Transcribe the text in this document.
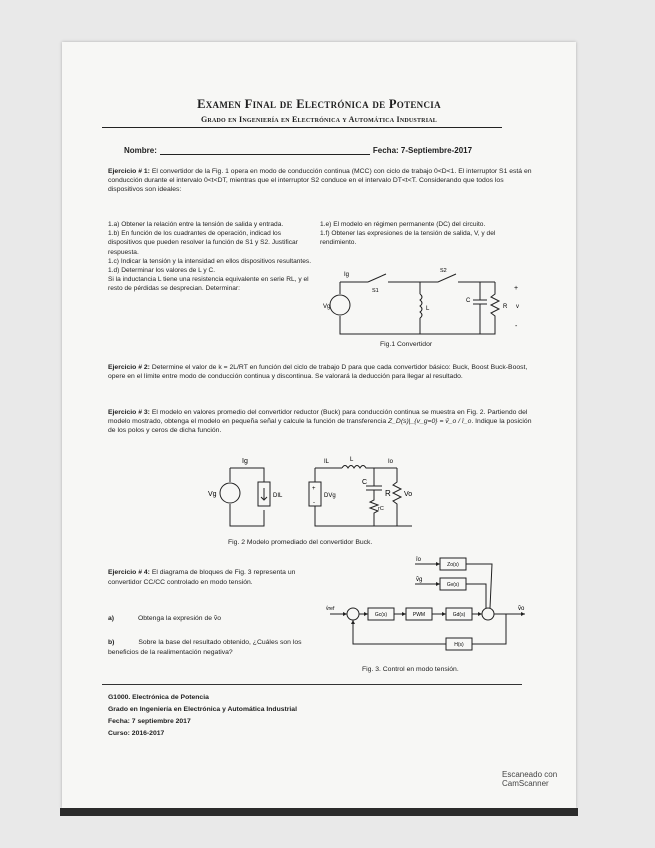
Examen Final de Electrónica de Potencia
Grado en Ingeniería en Electrónica y Automática Industrial
Nombre:	Fecha: 7-Septiembre-2017
Ejercicio # 1: El convertidor de la Fig. 1 opera en modo de conducción continua (MCC) con ciclo de trabajo 0<D<1. El interruptor S1 está en conducción durante el intervalo 0<t<DT, mientras que el interruptor S2 conduce en el intervalo DT<t<T. Considerando que todos los dispositivos son ideales:
1.a) Obtener la relación entre la tensión de salida y entrada.
1.b) En función de los cuadrantes de operación, indicad los dispositivos que pueden resolver la función de S1 y S2. Justificar respuesta.
1.c) Indicar la tensión y la intensidad en ellos dispositivos resultantes.
1.d) Determinar los valores de L y C.
Si la inductancia L tiene una resistencia equivalente en serie RL, y el resto de pérdidas se desprecian. Determinar:
1.e) El modelo en régimen permanente (DC) del circuito.
1.f) Obtener las expresiones de la tensión de salida, V, y del rendimiento.
Vg
Ig
S1
S2
L
C
R v
+
-
Fig.1 Convertidor
Ejercicio # 2: Determine el valor de k = 2L/RT en función del ciclo de trabajo D para que cada convertidor básico: Buck, Boost Buck-Boost, opere en el límite entre modo de conducción continua y discontinua. Se valorará la deducción para llegar al resultado.
Ejercicio # 3: El modelo en valores promedio del convertidor reductor (Buck) para conducción continua se muestra en Fig. 2. Partiendo del modelo mostrado, obtenga el modelo en pequeña señal y calcule la función de transferencia Z_D(s)|_{v_g=0} = v̂_o / î_o. Indique la posición de los polos y ceros de dicha función.
Vg
Ig
DIL	DVg
+
-
IL	L
C
rC
R Vo
Io
Fig. 2 Modelo promediado del convertidor Buck.
Ejercicio # 4: El diagrama de bloques de Fig. 3 representa un convertidor CC/CC controlado en modo tensión.
a)	Obtenga la expresión de v̂o
b)	Sobre la base del resultado obtenido, ¿Cuáles son los beneficios de la realimentación negativa?
Zo(s)
Gv(s)
Gc(s)	PWM	Gd(s)
H(s)
îo
v̂g
v̂ref	v̂o
Fig. 3. Control en modo tensión.
G1000. Electrónica de Potencia
Grado en Ingeniería en Electrónica y Automática Industrial
Fecha: 7 septiembre 2017
Curso: 2016-2017
Escaneado con CamScanner
